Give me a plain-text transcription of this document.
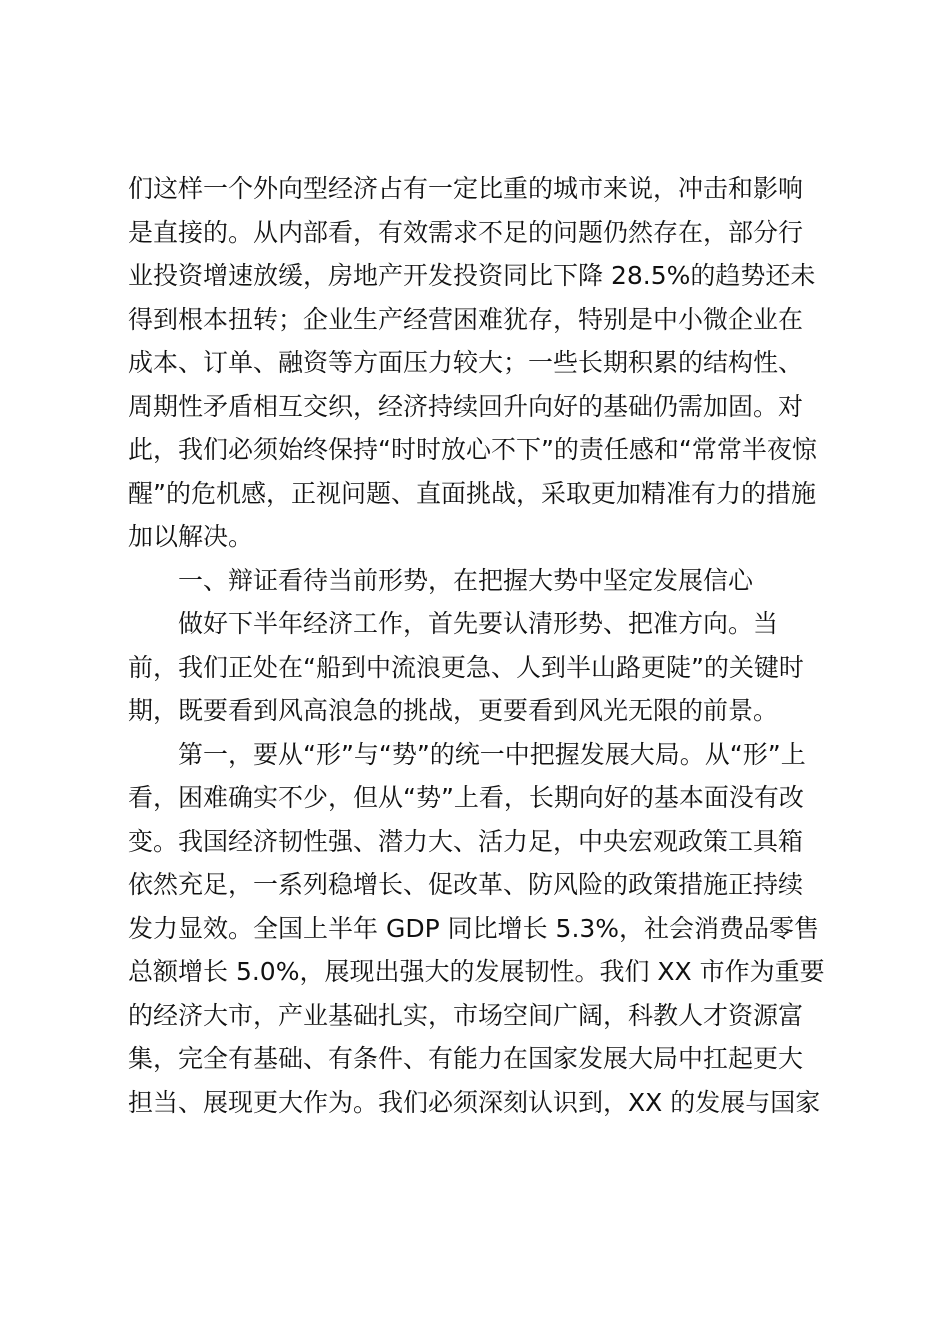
们这样一个外向型经济占有一定比重的城市来说，冲击和影响
是直接的。从内部看，有效需求不足的问题仍然存在，部分行
业投资增速放缓，房地产开发投资同比下降 28.5%的趋势还未
得到根本扭转；企业生产经营困难犹存，特别是中小微企业在
成本、订单、融资等方面压力较大；一些长期积累的结构性、
周期性矛盾相互交织，经济持续回升向好的基础仍需加固。对
此，我们必须始终保持“时时放心不下”的责任感和“常常半夜惊
醒”的危机感，正视问题、直面挑战，采取更加精准有力的措施
加以解决。
一、辩证看待当前形势，在把握大势中坚定发展信心
做好下半年经济工作，首先要认清形势、把准方向。当
前，我们正处在“船到中流浪更急、人到半山路更陡”的关键时
期，既要看到风高浪急的挑战，更要看到风光无限的前景。
第一，要从“形”与“势”的统一中把握发展大局。从“形”上
看，困难确实不少，但从“势”上看，长期向好的基本面没有改
变。我国经济韧性强、潜力大、活力足，中央宏观政策工具箱
依然充足，一系列稳增长、促改革、防风险的政策措施正持续
发力显效。全国上半年 GDP 同比增长 5.3%，社会消费品零售
总额增长 5.0%，展现出强大的发展韧性。我们 XX 市作为重要
的经济大市，产业基础扎实，市场空间广阔，科教人才资源富
集，完全有基础、有条件、有能力在国家发展大局中扛起更大
担当、展现更大作为。我们必须深刻认识到，XX 的发展与国家
